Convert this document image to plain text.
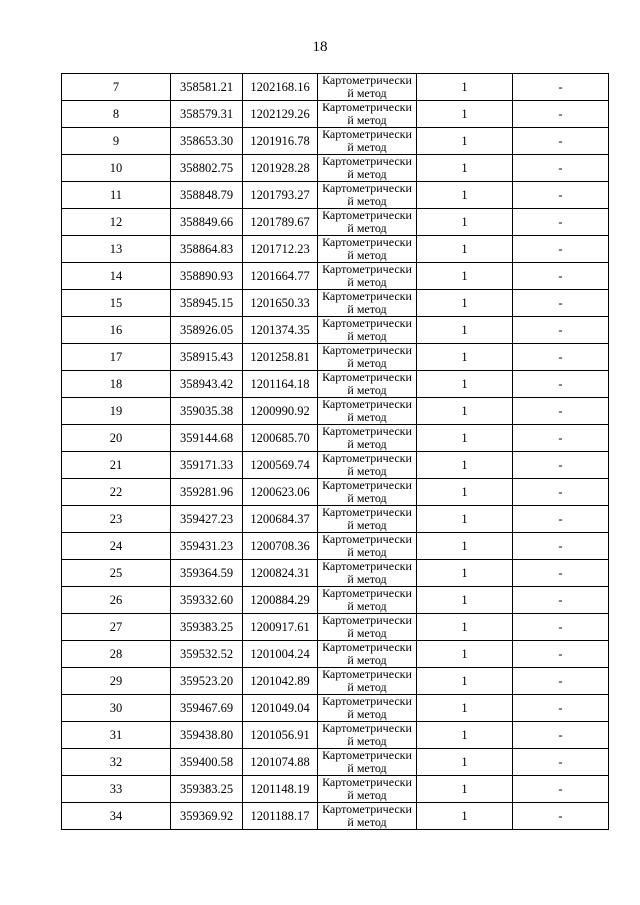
18
7	358581.21	1202168.16	Картометрический метод	1	-
8	358579.31	1202129.26	Картометрический метод	1	-
9	358653.30	1201916.78	Картометрический метод	1	-
10	358802.75	1201928.28	Картометрический метод	1	-
11	358848.79	1201793.27	Картометрический метод	1	-
12	358849.66	1201789.67	Картометрический метод	1	-
13	358864.83	1201712.23	Картометрический метод	1	-
14	358890.93	1201664.77	Картометрический метод	1	-
15	358945.15	1201650.33	Картометрический метод	1	-
16	358926.05	1201374.35	Картометрический метод	1	-
17	358915.43	1201258.81	Картометрический метод	1	-
18	358943.42	1201164.18	Картометрический метод	1	-
19	359035.38	1200990.92	Картометрический метод	1	-
20	359144.68	1200685.70	Картометрический метод	1	-
21	359171.33	1200569.74	Картометрический метод	1	-
22	359281.96	1200623.06	Картометрический метод	1	-
23	359427.23	1200684.37	Картометрический метод	1	-
24	359431.23	1200708.36	Картометрический метод	1	-
25	359364.59	1200824.31	Картометрический метод	1	-
26	359332.60	1200884.29	Картометрический метод	1	-
27	359383.25	1200917.61	Картометрический метод	1	-
28	359532.52	1201004.24	Картометрический метод	1	-
29	359523.20	1201042.89	Картометрический метод	1	-
30	359467.69	1201049.04	Картометрический метод	1	-
31	359438.80	1201056.91	Картометрический метод	1	-
32	359400.58	1201074.88	Картометрический метод	1	-
33	359383.25	1201148.19	Картометрический метод	1	-
34	359369.92	1201188.17	Картометрический метод	1	-
